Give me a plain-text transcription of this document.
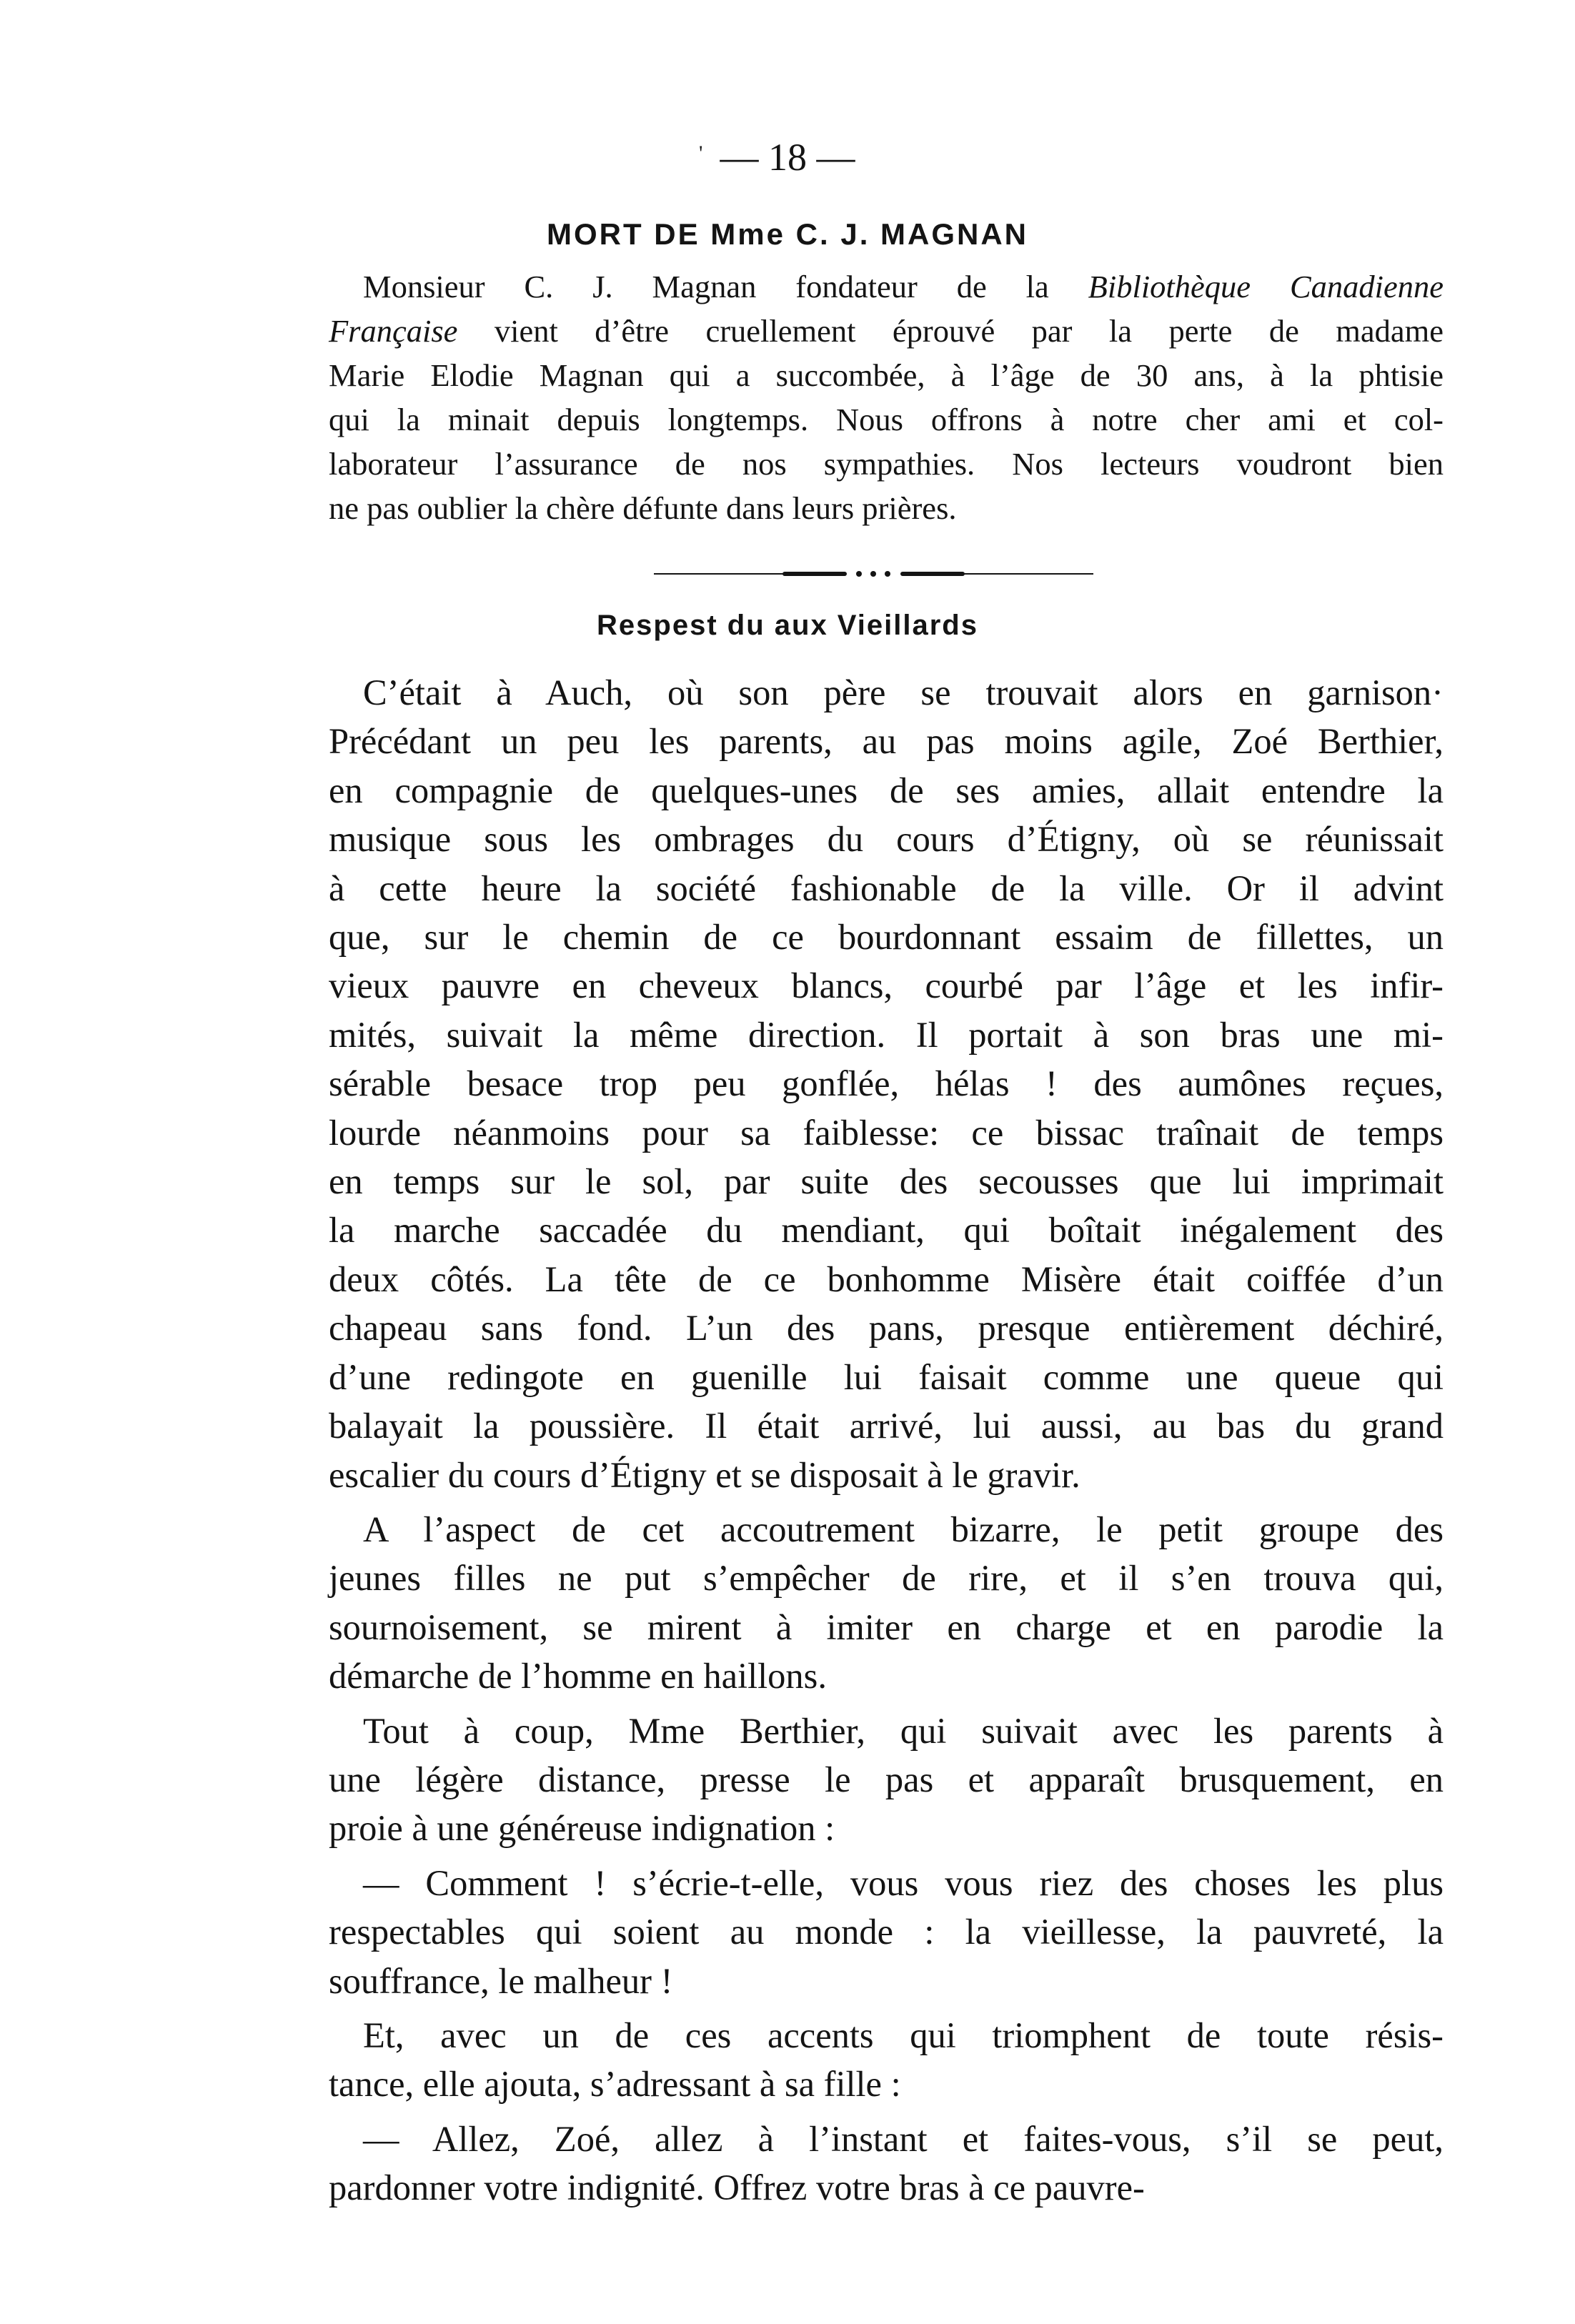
— 18 —
'
MORT DE Mme C. J. MAGNAN
Monsieur C. J. Magnan fondateur de la Bibliothèque Canadienne
Française vient d’être cruellement éprouvé par la perte de madame
Marie Elodie Magnan qui a succombée, à l’âge de 30 ans, à la phtisie
qui la minait depuis longtemps. Nous offrons à notre cher ami et col-
laborateur l’assurance de nos sympathies. Nos lecteurs voudront bien
ne pas oublier la chère défunte dans leurs prières.
Respest du aux Vieillards
C’était à Auch, où son père se trouvait alors en garnison·
Précédant un peu les parents, au pas moins agile, Zoé Berthier,
en compagnie de quelques-unes de ses amies, allait entendre la
musique sous les ombrages du cours d’Étigny, où se réunissait
à cette heure la société fashionable de la ville. Or il advint
que, sur le chemin de ce bourdonnant essaim de fillettes, un
vieux pauvre en cheveux blancs, courbé par l’âge et les infir-
mités, suivait la même direction. Il portait à son bras une mi-
sérable besace trop peu gonflée, hélas ! des aumônes reçues,
lourde néanmoins pour sa faiblesse: ce bissac traînait de temps
en temps sur le sol, par suite des secousses que lui imprimait
la marche saccadée du mendiant, qui boîtait inégalement des
deux côtés. La tête de ce bonhomme Misère était coiffée d’un
chapeau sans fond. L’un des pans, presque entièrement déchiré,
d’une redingote en guenille lui faisait comme une queue qui
balayait la poussière. Il était arrivé, lui aussi, au bas du grand
escalier du cours d’Étigny et se disposait à le gravir.
A l’aspect de cet accoutrement bizarre, le petit groupe des
jeunes filles ne put s’empêcher de rire, et il s’en trouva qui,
sournoisement, se mirent à imiter en charge et en parodie la
démarche de l’homme en haillons.
Tout à coup, Mme Berthier, qui suivait avec les parents à
une légère distance, presse le pas et apparaît brusquement, en
proie à une généreuse indignation :
— Comment ! s’écrie-t-elle, vous vous riez des choses les plus
respectables qui soient au monde : la vieillesse, la pauvreté, la
souffrance, le malheur !
Et, avec un de ces accents qui triomphent de toute résis-
tance, elle ajouta, s’adressant à sa fille :
— Allez, Zoé, allez à l’instant et faites-vous, s’il se peut,
pardonner votre indignité. Offrez votre bras à ce pauvre-
